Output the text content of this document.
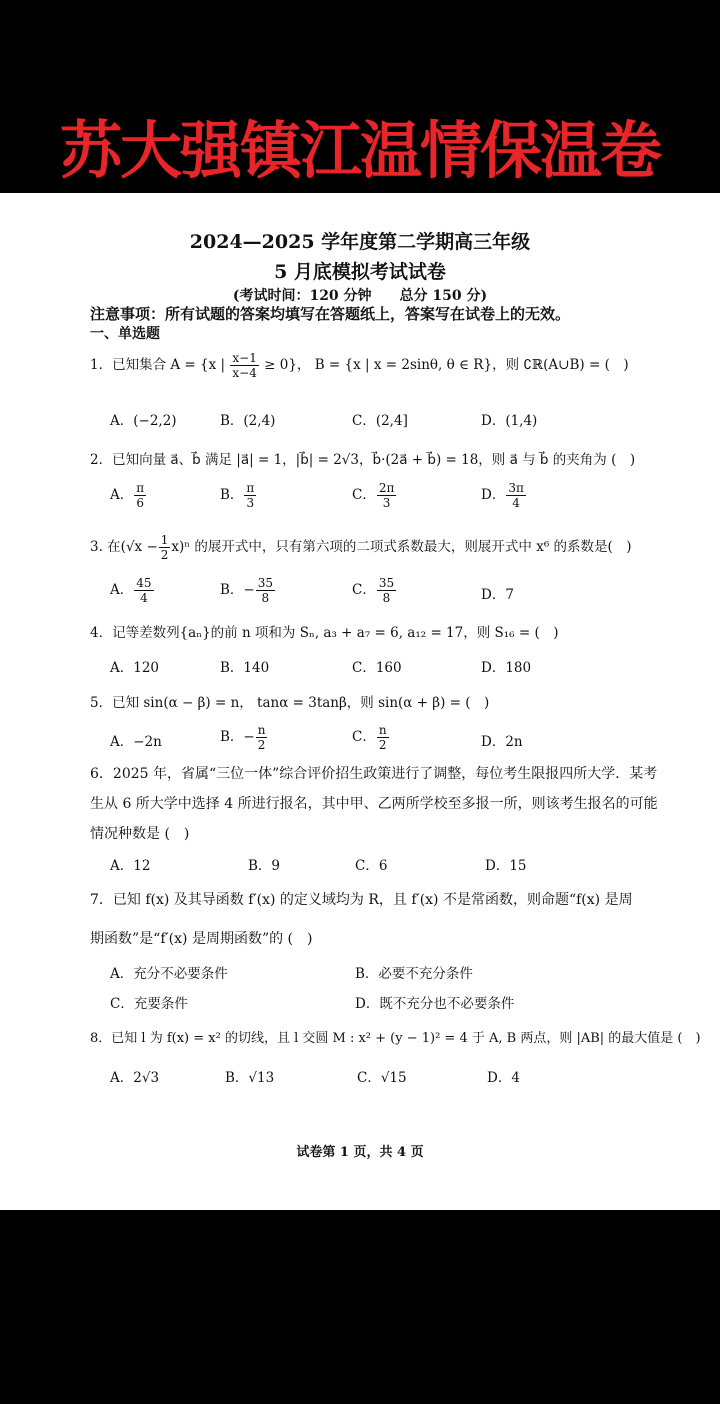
苏大强镇江温情保温卷
2024—2025 学年度第二学期高三年级
5 月底模拟考试试卷
(考试时间：120 分钟　　总分 150 分)
注意事项：所有试题的答案均填写在答题纸上，答案写在试卷上的无效。
一、单选题
1．已知集合 A = {x | $\frac{x-1}{x-4} \ge 0$}， B = {x | x = 2sinθ, θ ∈ R}，则 ∁ℝ(A∪B) = (　)
A．(−2,2)	B．(2,4)	C．(2,4]	D．(1,4)
2．已知向量 a⃗、b⃗ 满足 |a⃗| = 1，|b⃗| = 2√3，b⃗·(2a⃗ + b⃗) = 18，则 a⃗ 与 b⃗ 的夹角为 (　)
A． $\frac{\pi}{6}$	B． $\frac{\pi}{3}$	C． $\frac{2\pi}{3}$	D． $\frac{3\pi}{4}$
3. 在$(√x - \frac{1}{2} x)^n$ 的展开式中，只有第六项的二项式系数最大，则展开式中 x⁶ 的系数是(　)
A． $\frac{45}{4}$	B．− $\frac{35}{8}$	C． $\frac{35}{8}$	D．7
4．记等差数列{aₙ}的前 n 项和为 Sₙ, a₃ + a₇ = 6, a₁₂ = 17，则 S₁₆ = (　)
A．120	B．140	C．160	D．180
5．已知 sin(α − β) = n， tanα = 3tanβ，则 sin(α + β) = (　)
A．−2n	B．− $\frac{n}{2}$	C． $\frac{n}{2}$	D．2n
6．2025 年，省属“三位一体”综合评价招生政策进行了调整，每位考生限报四所大学．某考
生从 6 所大学中选择 4 所进行报名，其中甲、乙两所学校至多报一所，则该考生报名的可能
情况种数是 (　)
A．12	B．9	C．6	D．15
7．已知 f(x) 及其导函数 f′(x) 的定义域均为 R，且 f′(x) 不是常函数，则命题“f(x) 是周
期函数”是“f′(x) 是周期函数”的 (　)
A．充分不必要条件	B．必要不充分条件
C．充要条件	D．既不充分也不必要条件
8．已知 l 为 f(x) = x² 的切线，且 l 交圆 M : x² + (y − 1)² = 4 于 A, B 两点，则 |AB| 的最大值是 (　)
A．2√3	B．√13	C．√15	D．4
试卷第 1 页，共 4 页
